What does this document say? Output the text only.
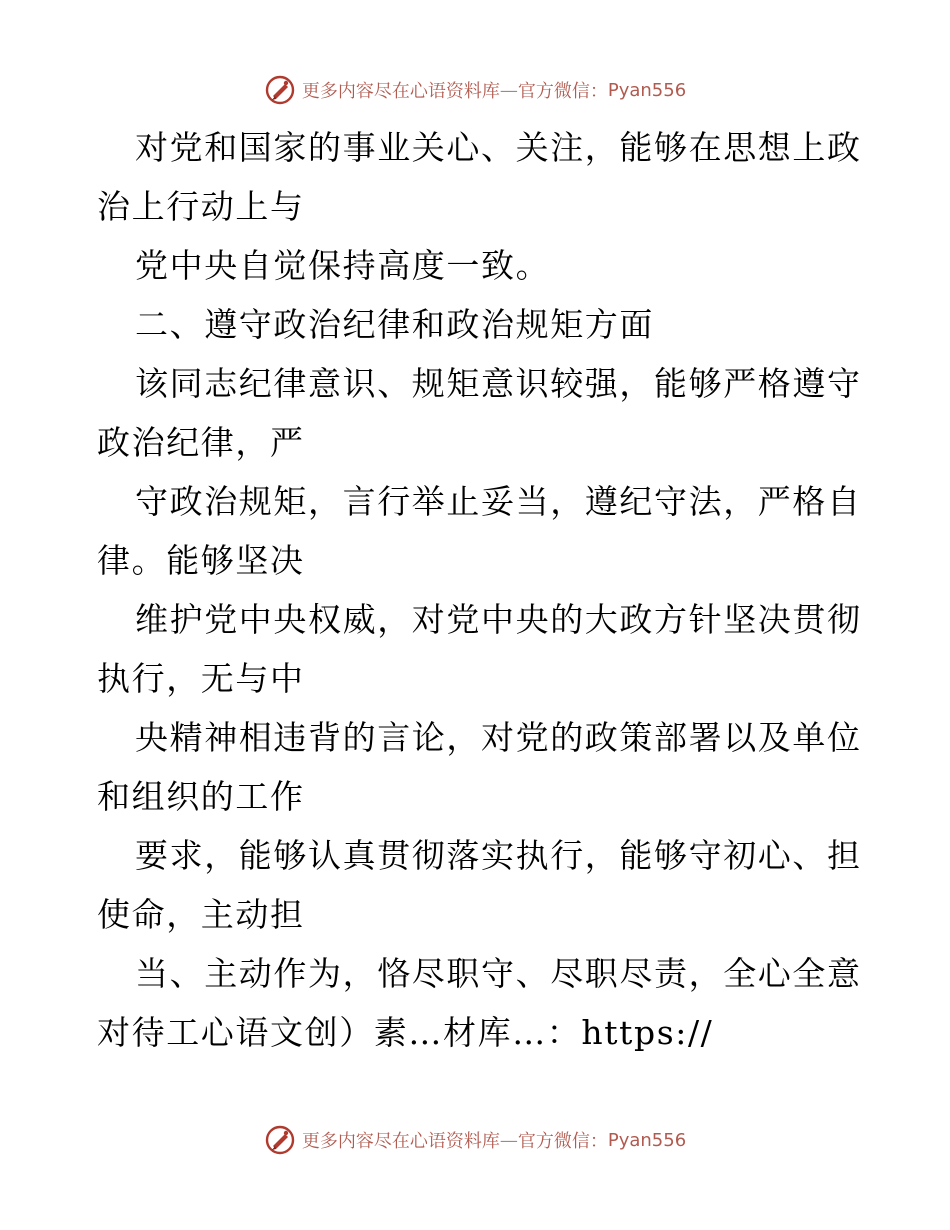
更多内容尽在心语资料库 — 官方微信： Pyan556
对党和国家的事业关心、关注，能够在思想上政
治上行动上与
党中央自觉保持高度一致。
二、遵守政治纪律和政治规矩方面
该同志纪律意识、规矩意识较强，能够严格遵守
政治纪律，严
守政治规矩，言行举止妥当，遵纪守法，严格自
律。能够坚决
维护党中央权威，对党中央的大政方针坚决贯彻
执行，无与中
央精神相违背的言论，对党的政策部署以及单位
和组织的工作
要求，能够认真贯彻落实执行，能够守初心、担
使命，主动担
当、主动作为，恪尽职守、尽职尽责，全心全意
对待工心语文创）素…材库…：https://
更多内容尽在心语资料库 — 官方微信： Pyan556
